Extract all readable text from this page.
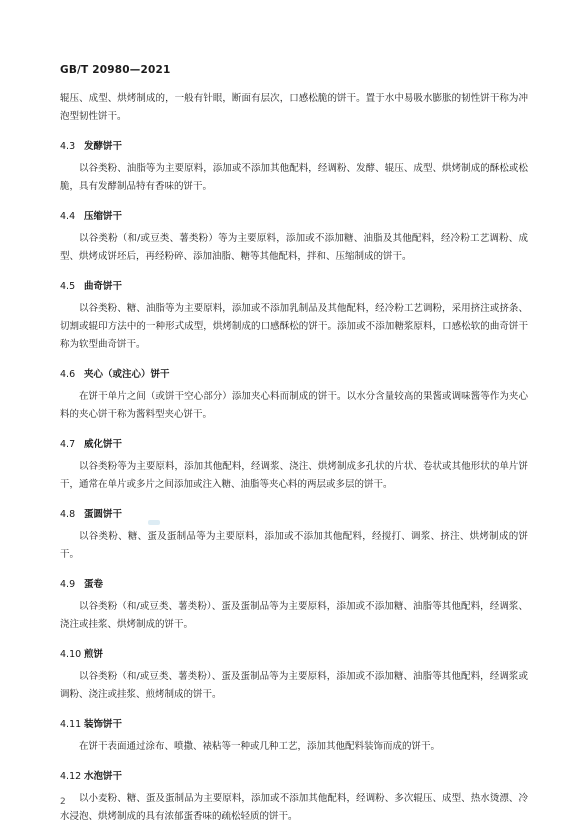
GB/T 20980—2021

辊压、成型、烘烤制成的，一般有针眼，断面有层次，口感松脆的饼干。置于水中易吸水膨胀的韧性饼干称为冲泡型韧性饼干。

4.3 发酵饼干

以谷类粉、油脂等为主要原料，添加或不添加其他配料，经调粉、发酵、辊压、成型、烘烤制成的酥松或松脆，具有发酵制品特有香味的饼干。

4.4 压缩饼干

以谷类粉（和/或豆类、薯类粉）等为主要原料，添加或不添加糖、油脂及其他配料，经冷粉工艺调粉、成型、烘烤成饼坯后，再经粉碎、添加油脂、糖等其他配料，拌和、压缩制成的饼干。

4.5 曲奇饼干

以谷类粉、糖、油脂等为主要原料，添加或不添加乳制品及其他配料，经冷粉工艺调粉，采用挤注或挤条、切割或辊印方法中的一种形式成型，烘烤制成的口感酥松的饼干。添加或不添加糖浆原料，口感松软的曲奇饼干称为软型曲奇饼干。

4.6 夹心（或注心）饼干

在饼干单片之间（或饼干空心部分）添加夹心料而制成的饼干。以水分含量较高的果酱或调味酱等作为夹心料的夹心饼干称为酱料型夹心饼干。

4.7 威化饼干

以谷类粉等为主要原料，添加其他配料，经调浆、浇注、烘烤制成多孔状的片状、卷状或其他形状的单片饼干，通常在单片或多片之间添加或注入糖、油脂等夹心料的两层或多层的饼干。

4.8 蛋圆饼干

以谷类粉、糖、蛋及蛋制品等为主要原料，添加或不添加其他配料，经搅打、调浆、挤注、烘烤制成的饼干。

4.9 蛋卷

以谷类粉（和/或豆类、薯类粉）、蛋及蛋制品等为主要原料，添加或不添加糖、油脂等其他配料，经调浆、浇注或挂浆、烘烤制成的饼干。

4.10 煎饼

以谷类粉（和/或豆类、薯类粉）、蛋及蛋制品等为主要原料，添加或不添加糖、油脂等其他配料，经调浆或调粉、浇注或挂浆、煎烤制成的饼干。

4.11 装饰饼干

在饼干表面通过涂布、喷撒、裱粘等一种或几种工艺，添加其他配料装饰而成的饼干。

4.12 水泡饼干

以小麦粉、糖、蛋及蛋制品为主要原料，添加或不添加其他配料，经调粉、多次辊压、成型、热水烫漂、冷水浸泡、烘烤制成的具有浓郁蛋香味的疏松轻质的饼干。

2
